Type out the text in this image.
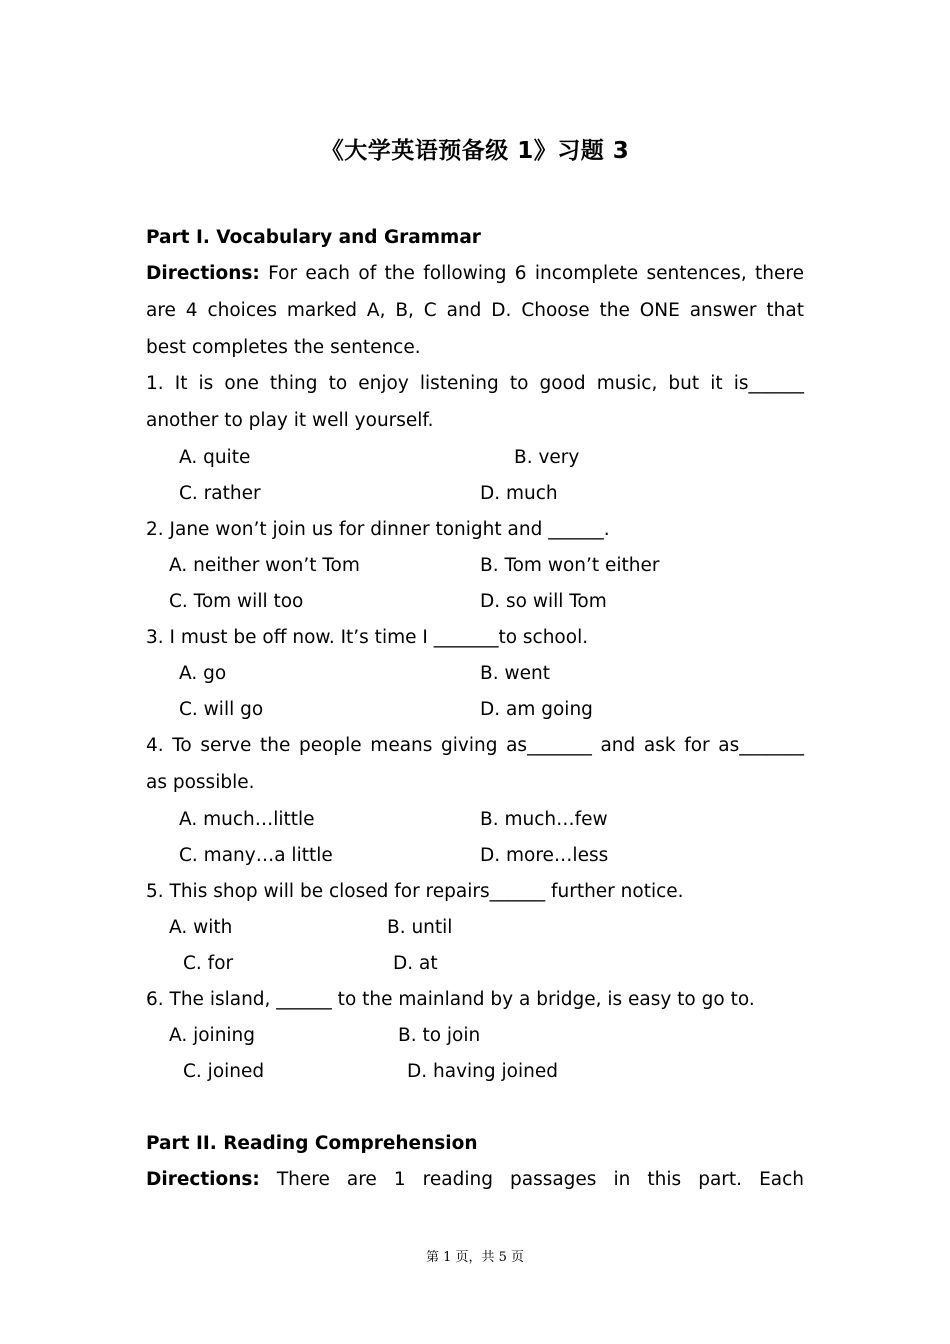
《大学英语预备级 1》习题 3
Part I. Vocabulary and Grammar
Directions: For each of the following 6 incomplete sentences, there
are 4 choices marked A, B, C and D. Choose the ONE answer that
best completes the sentence.
1. It is one thing to enjoy listening to good music, but it is______
another to play it well yourself.
A. quite	B. very
C. rather	D. much
2. Jane won’t join us for dinner tonight and ______.
A. neither won’t Tom	B. Tom won’t either
C. Tom will too	D. so will Tom
3. I must be off now. It’s time I _______to school.
A. go	B. went
C. will go	D. am going
4. To serve the people means giving as_______ and ask for as_______
as possible.
A. much…little	B. much…few
C. many…a little	D. more…less
5. This shop will be closed for repairs______ further notice.
A. with	B. until
C. for	D. at
6. The island, ______ to the mainland by a bridge, is easy to go to.
A. joining	B. to join
C. joined	D. having joined
Part II. Reading Comprehension
Directions: There are 1 reading passages in this part. Each
第 1 页，共 5 页
